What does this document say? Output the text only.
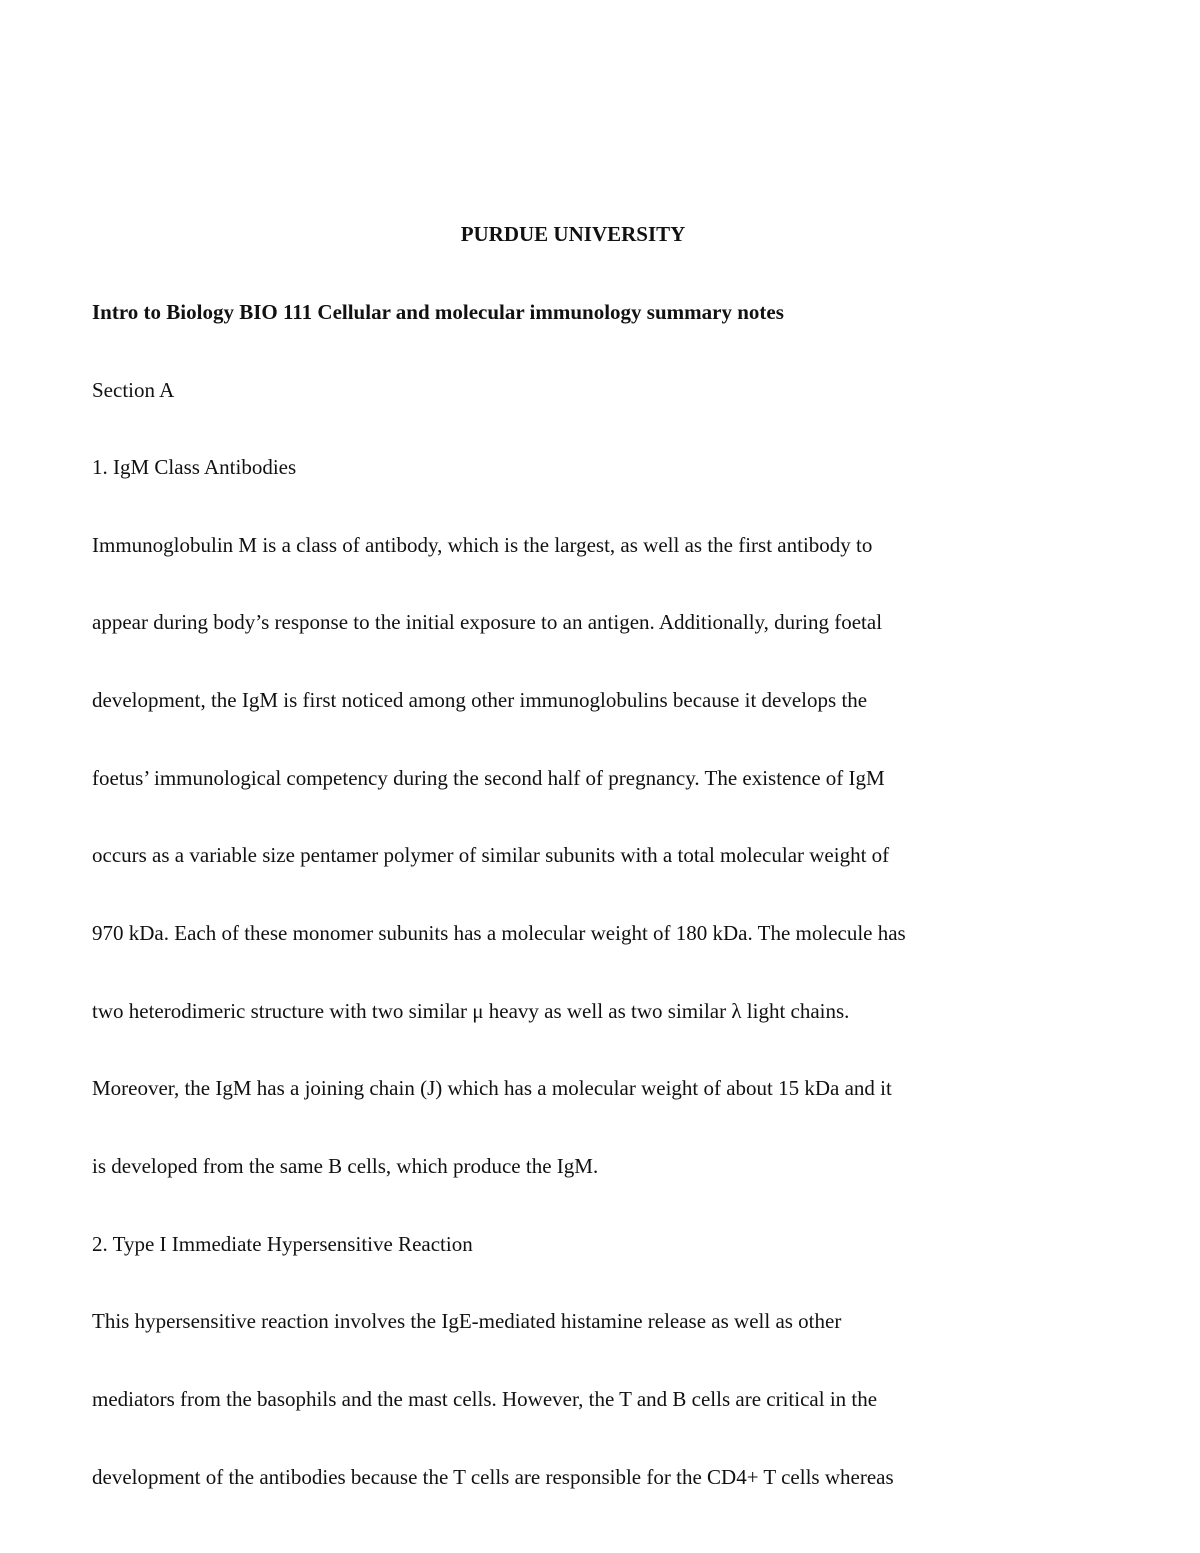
PURDUE UNIVERSITY

Intro to Biology BIO 111 Cellular and molecular immunology summary notes

Section A

1. IgM Class Antibodies

Immunoglobulin M is a class of antibody, which is the largest, as well as the first antibody to

appear during body’s response to the initial exposure to an antigen. Additionally, during foetal

development, the IgM is first noticed among other immunoglobulins because it develops the

foetus’ immunological competency during the second half of pregnancy. The existence of IgM

occurs as a variable size pentamer polymer of similar subunits with a total molecular weight of

970 kDa. Each of these monomer subunits has a molecular weight of 180 kDa. The molecule has

two heterodimeric structure with two similar μ heavy as well as two similar λ light chains.

Moreover, the IgM has a joining chain (J) which has a molecular weight of about 15 kDa and it

is developed from the same B cells, which produce the IgM.

2. Type I Immediate Hypersensitive Reaction

This hypersensitive reaction involves the IgE-mediated histamine release as well as other

mediators from the basophils and the mast cells. However, the T and B cells are critical in the

development of the antibodies because the T cells are responsible for the CD4+ T cells whereas
